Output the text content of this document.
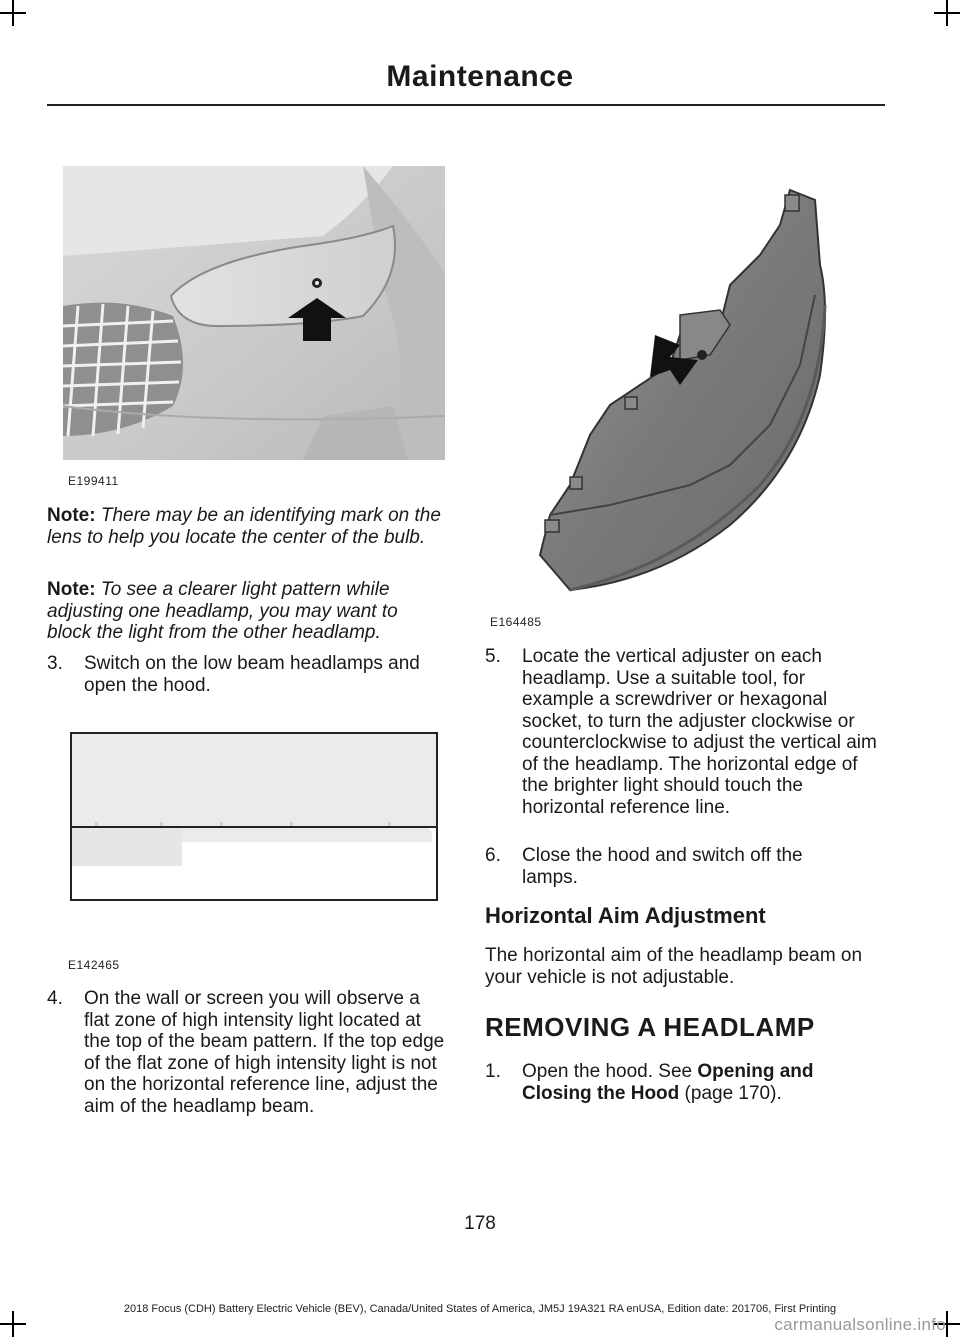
Maintenance
E199411
E164485
Note: There may be an identifying mark on the lens to help you locate the center of the bulb.
Note: To see a clearer light pattern while adjusting one headlamp, you may want to block the light from the other headlamp.
3. Switch on the low beam headlamps and open the hood.
E142465
4. On the wall or screen you will observe a flat zone of high intensity light located at the top of the beam pattern. If the top edge of the flat zone of high intensity light is not on the horizontal reference line, adjust the aim of the headlamp beam.
5. Locate the vertical adjuster on each headlamp. Use a suitable tool, for example a screwdriver or hexagonal socket, to turn the adjuster clockwise or counterclockwise to adjust the vertical aim of the headlamp. The horizontal edge of the brighter light should touch the horizontal reference line.
6. Close the hood and switch off the lamps.
Horizontal Aim Adjustment
The horizontal aim of the headlamp beam on your vehicle is not adjustable.
REMOVING A HEADLAMP
1. Open the hood. See Opening and Closing the Hood (page 170).
178
2018 Focus (CDH) Battery Electric Vehicle (BEV), Canada/United States of America, JM5J 19A321 RA enUSA, Edition date: 201706, First Printing
carmanualsonline.info
